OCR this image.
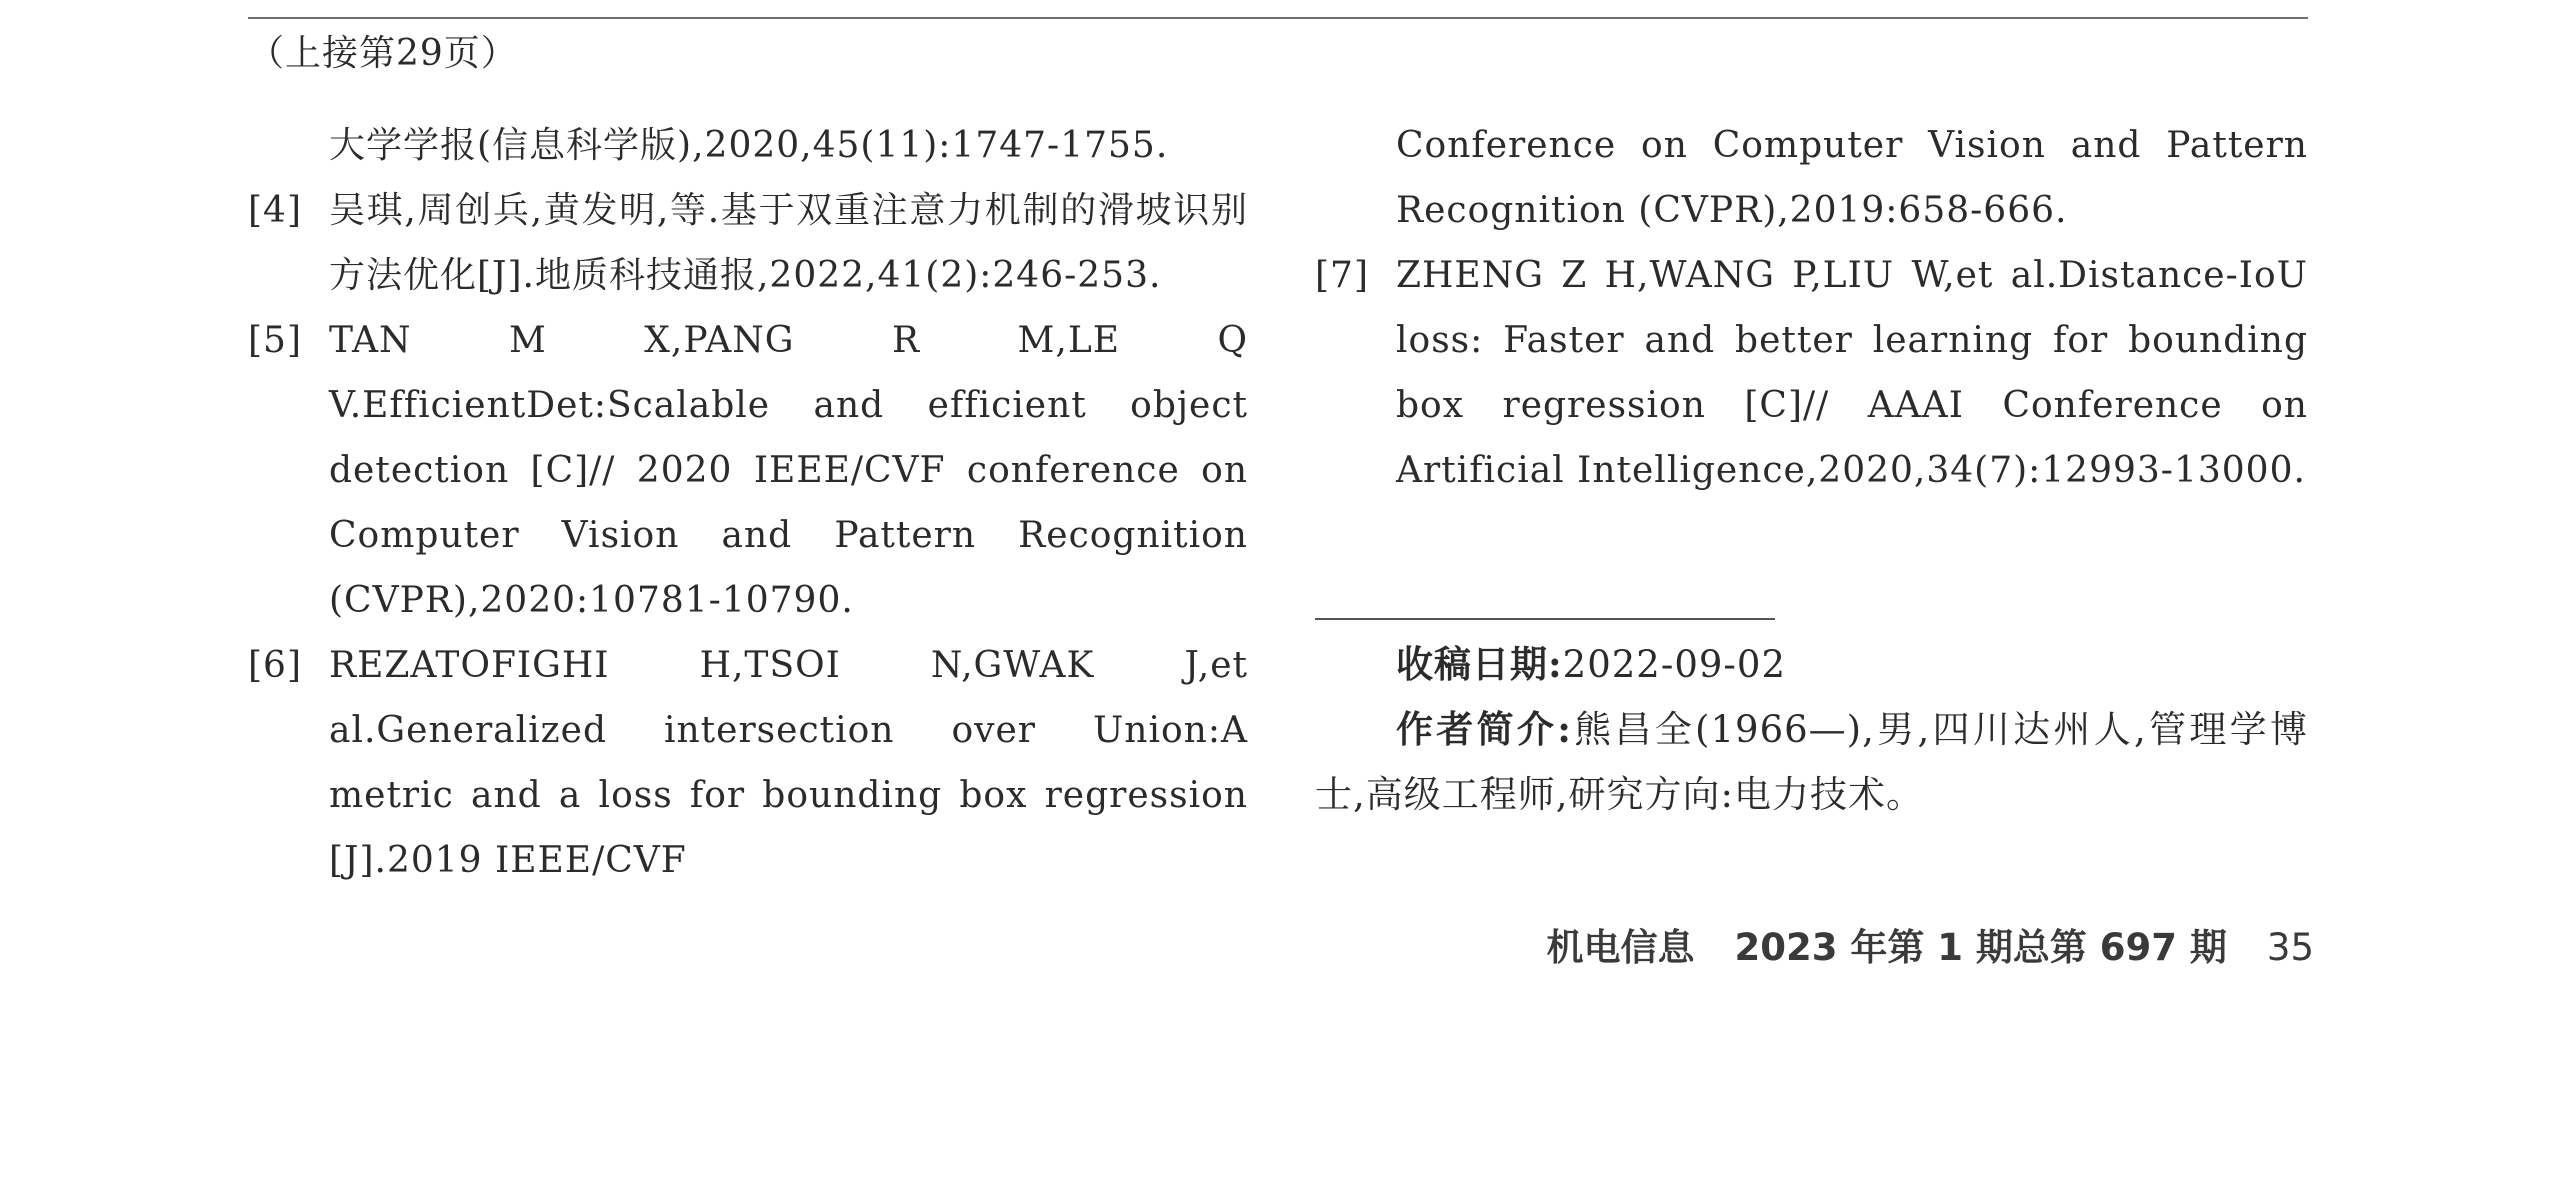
（上接第29页）
大学学报(信息科学版),2020,45(11):1747-1755.
[4] 吴琪,周创兵,黄发明,等.基于双重注意力机制的滑坡识别方法优化[J].地质科技通报,2022,41(2):246-253.
[5] TAN M X,PANG R M,LE Q V.EfficientDet:Scalable and efficient object detection [C]// 2020 IEEE/CVF conference on Computer Vision and Pattern Recognition (CVPR),2020:10781-10790.
[6] REZATOFIGHI H,TSOI N,GWAK J,et al.Generalized intersection over Union:A metric and a loss for bounding box regression [J].2019 IEEE/CVF
Conference on Computer Vision and Pattern Recognition (CVPR),2019:658-666.
[7] ZHENG Z H,WANG P,LIU W,et al.Distance-IoU loss: Faster and better learning for bounding box regression [C]// AAAI Conference on Artificial Intelligence,2020,34(7):12993-13000.
收稿日期:2022-09-02
作者简介:熊昌全(1966—),男,四川达州人,管理学博士,高级工程师,研究方向:电力技术。
机电信息 2023 年第 1 期总第 697 期 35
